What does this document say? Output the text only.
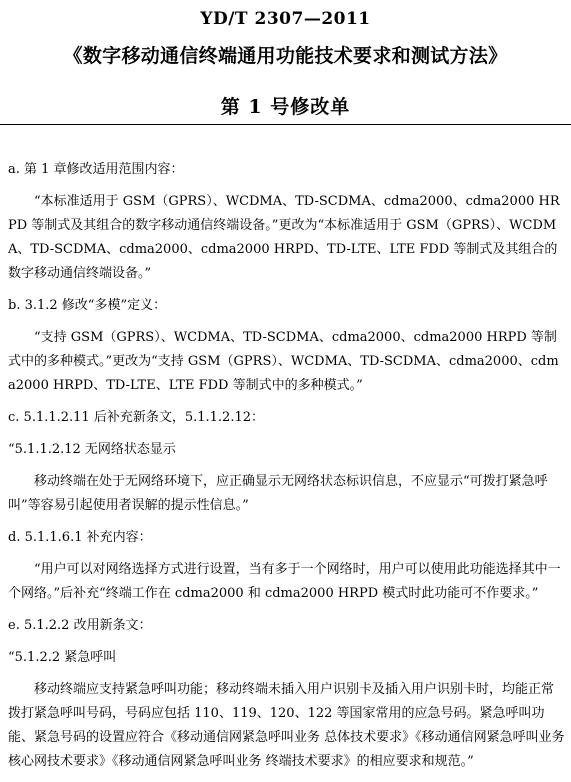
YD/T 2307—2011
《数字移动通信终端通用功能技术要求和测试方法》
第 1 号修改单

a. 第 1 章修改适用范围内容：

“本标准适用于 GSM（GPRS）、WCDMA、TD-SCDMA、cdma2000、cdma2000 HRPD 等制式及其组合的数字移动通信终端设备。”更改为“本标准适用于 GSM（GPRS）、WCDMA、TD-SCDMA、cdma2000、cdma2000 HRPD、TD-LTE、LTE FDD 等制式及其组合的数字移动通信终端设备。”

b. 3.1.2 修改“多模”定义：

“支持 GSM（GPRS）、WCDMA、TD-SCDMA、cdma2000、cdma2000 HRPD 等制式中的多种模式。”更改为“支持 GSM（GPRS）、WCDMA、TD-SCDMA、cdma2000、cdma2000 HRPD、TD-LTE、LTE FDD 等制式中的多种模式。”

c. 5.1.1.2.11 后补充新条文，5.1.1.2.12：

“5.1.1.2.12 无网络状态显示

移动终端在处于无网络环境下，应正确显示无网络状态标识信息，不应显示“可拨打紧急呼叫”等容易引起使用者误解的提示性信息。”

d. 5.1.1.6.1 补充内容：

“用户可以对网络选择方式进行设置，当有多于一个网络时，用户可以使用此功能选择其中一个网络。”后补充“终端工作在 cdma2000 和 cdma2000 HRPD 模式时此功能可不作要求。”

e. 5.1.2.2 改用新条文：

“5.1.2.2 紧急呼叫

移动终端应支持紧急呼叫功能；移动终端未插入用户识别卡及插入用户识别卡时，均能正常拨打紧急呼叫号码，号码应包括 110、119、120、122 等国家常用的应急号码。紧急呼叫功能、紧急号码的设置应符合《移动通信网紧急呼叫业务 总体技术要求》《移动通信网紧急呼叫业务 核心网技术要求》《移动通信网紧急呼叫业务 终端技术要求》的相应要求和规范。”
